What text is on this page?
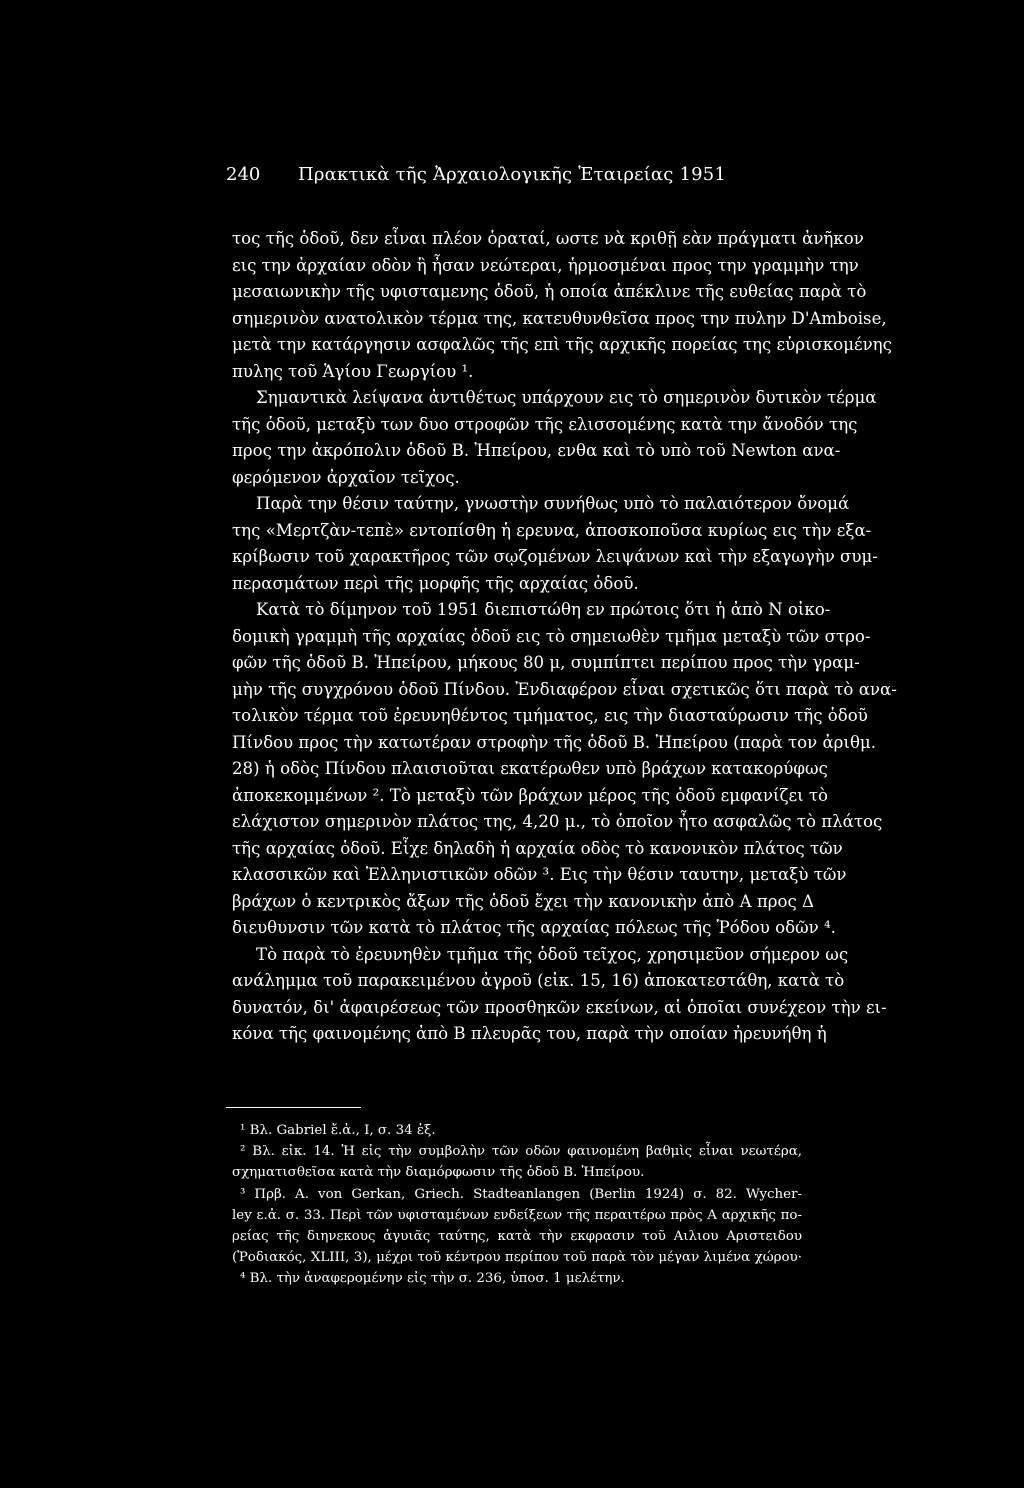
240 Πρακτικὰ τῆς Ἀρχαιολογικῆς Ἑταιρείας 1951
τος τῆς ὁδοῦ, δεν εἶναι πλέον ὁραταί, ωστε νὰ κριθῇ εὰν πράγματι ἀνῆκον
εις την ἀρχαίαν οδὸν ἢ ἦσαν νεώτεραι, ἡρμοσμέναι προς την γραμμὴν την
μεσαιωνικὴν τῆς υφισταμενης ὁδοῦ, ἡ οποία ἀπέκλινε τῆς ευθείας παρὰ τὸ
σημερινὸν ανατολικὸν τέρμα της, κατευθυνθεῖσα προς την πυλην D'Amboise,
μετὰ την κατάργησιν ασφαλῶς τῆς επὶ τῆς αρχικῆς πορείας της εὑρισκομένης
πυλης τοῦ Ἁγίου Γεωργίου ¹.
Σημαντικὰ λείψανα ἀντιθέτως υπάρχουν εις τὸ σημερινὸν δυτικὸν τέρμα
τῆς ὁδοῦ, μεταξὺ των δυο στροφῶν τῆς ελισσομένης κατὰ την ἄνοδόν της
προς την ἀκρόπολιν ὁδοῦ Β. Ἠπείρου, ενθα καὶ τὸ υπὸ τοῦ Newton ανα-
φερόμενον ἀρχαῖον τεῖχος.
Παρὰ την θέσιν ταύτην, γνωστὴν συνήθως υπὸ τὸ παλαιότερον ὄνομά
της «Μερτζὰν-τεπὲ» εντοπίσθη ἡ ερευνα, ἀποσκοποῦσα κυρίως εις τὴν εξα-
κρίβωσιν τοῦ χαρακτῆρος τῶν σῳζομένων λειψάνων καὶ τὴν εξαγωγὴν συμ-
περασμάτων περὶ τῆς μορφῆς τῆς αρχαίας ὁδοῦ.
Κατὰ τὸ δίμηνον τοῦ 1951 διεπιστώθη εν πρώτοις ὅτι ἡ ἀπὸ Ν οἰκο-
δομικὴ γραμμὴ τῆς αρχαίας ὁδοῦ εις τὸ σημειωθὲν τμῆμα μεταξὺ τῶν στρο-
φῶν τῆς ὁδοῦ Β. Ἠπείρου, μήκους 80 μ, συμπίπτει περίπου προς τὴν γραμ-
μὴν τῆς συγχρόνου ὁδοῦ Πίνδου. Ἐνδιαφέρον εἶναι σχετικῶς ὅτι παρὰ τὸ ανα-
τολικὸν τέρμα τοῦ ἐρευνηθέντος τμήματος, εις τὴν διασταύρωσιν τῆς ὁδοῦ
Πίνδου προς τὴν κατωτέραν στροφὴν τῆς ὁδοῦ Β. Ἠπείρου (παρὰ τον ἀριθμ.
28) ἡ οδὸς Πίνδου πλαισιοῦται εκατέρωθεν υπὸ βράχων κατακορύφως
ἀποκεκομμένων ². Τὸ μεταξὺ τῶν βράχων μέρος τῆς ὁδοῦ εμφανίζει τὸ
ελάχιστον σημερινὸν πλάτος της, 4,20 μ., τὸ ὁποῖον ἦτο ασφαλῶς τὸ πλάτος
τῆς αρχαίας ὁδοῦ. Εἶχε δηλαδὴ ἡ αρχαία οδὸς τὸ κανονικὸν πλάτος τῶν
κλασσικῶν καὶ Ἑλληνιστικῶν οδῶν ³. Εις τὴν θέσιν ταυτην, μεταξὺ τῶν
βράχων ὁ κεντρικὸς ἄξων τῆς ὁδοῦ ἔχει τὴν κανονικὴν ἀπὸ Α προς Δ
διευθυνσιν τῶν κατὰ τὸ πλάτος τῆς αρχαίας πόλεως τῆς Ῥόδου οδῶν ⁴.
Τὸ παρὰ τὸ ἐρευνηθὲν τμῆμα τῆς ὁδοῦ τεῖχος, χρησιμεῦον σήμερον ως
ανάλημμα τοῦ παρακειμένου ἀγροῦ (εἰκ. 15, 16) ἀποκατεστάθη, κατὰ τὸ
δυνατόν, δι' ἀφαιρέσεως τῶν προσθηκῶν εκείνων, αἱ ὁποῖαι συνέχεον τὴν ει-
κόνα τῆς φαινομένης ἀπὸ Β πλευρᾶς του, παρὰ τὴν οποίαν ἠρευνήθη ἡ
¹ Βλ. Gabriel ἔ.ἀ., I, σ. 34 ἑξ.
² Βλ. εἰκ. 14. Ἡ εἰς τὴν συμβολὴν τῶν οδῶν φαινομένη βαθμὶς εἶναι νεωτέρα,
σχηματισθεῖσα κατὰ τὴν διαμόρφωσιν τῆς ὁδοῦ Β. Ἠπείρου.
³ Πρβ. A. von Gerkan, Griech. Stadteanlangen (Berlin 1924) σ. 82. Wycher-
ley ε.ἀ. σ. 33. Περὶ τῶν υφισταμένων ενδείξεων τῆς περαιτέρω πρὸς Α αρχικῆς πο-
ρείας τῆς διηνεκους ἀγυιᾶς ταύτης, κατὰ τὴν εκφρασιν τοῦ Αιλιου Αριστειδου
(Ῥοδιακός, XLIII, 3), μέχρι τοῦ κέντρου περίπου τοῦ παρὰ τὸν μέγαν λιμένα χώρου·
⁴ Βλ. τὴν ἀναφερομένην εἰς τὴν σ. 236, ὑποσ. 1 μελέτην.
